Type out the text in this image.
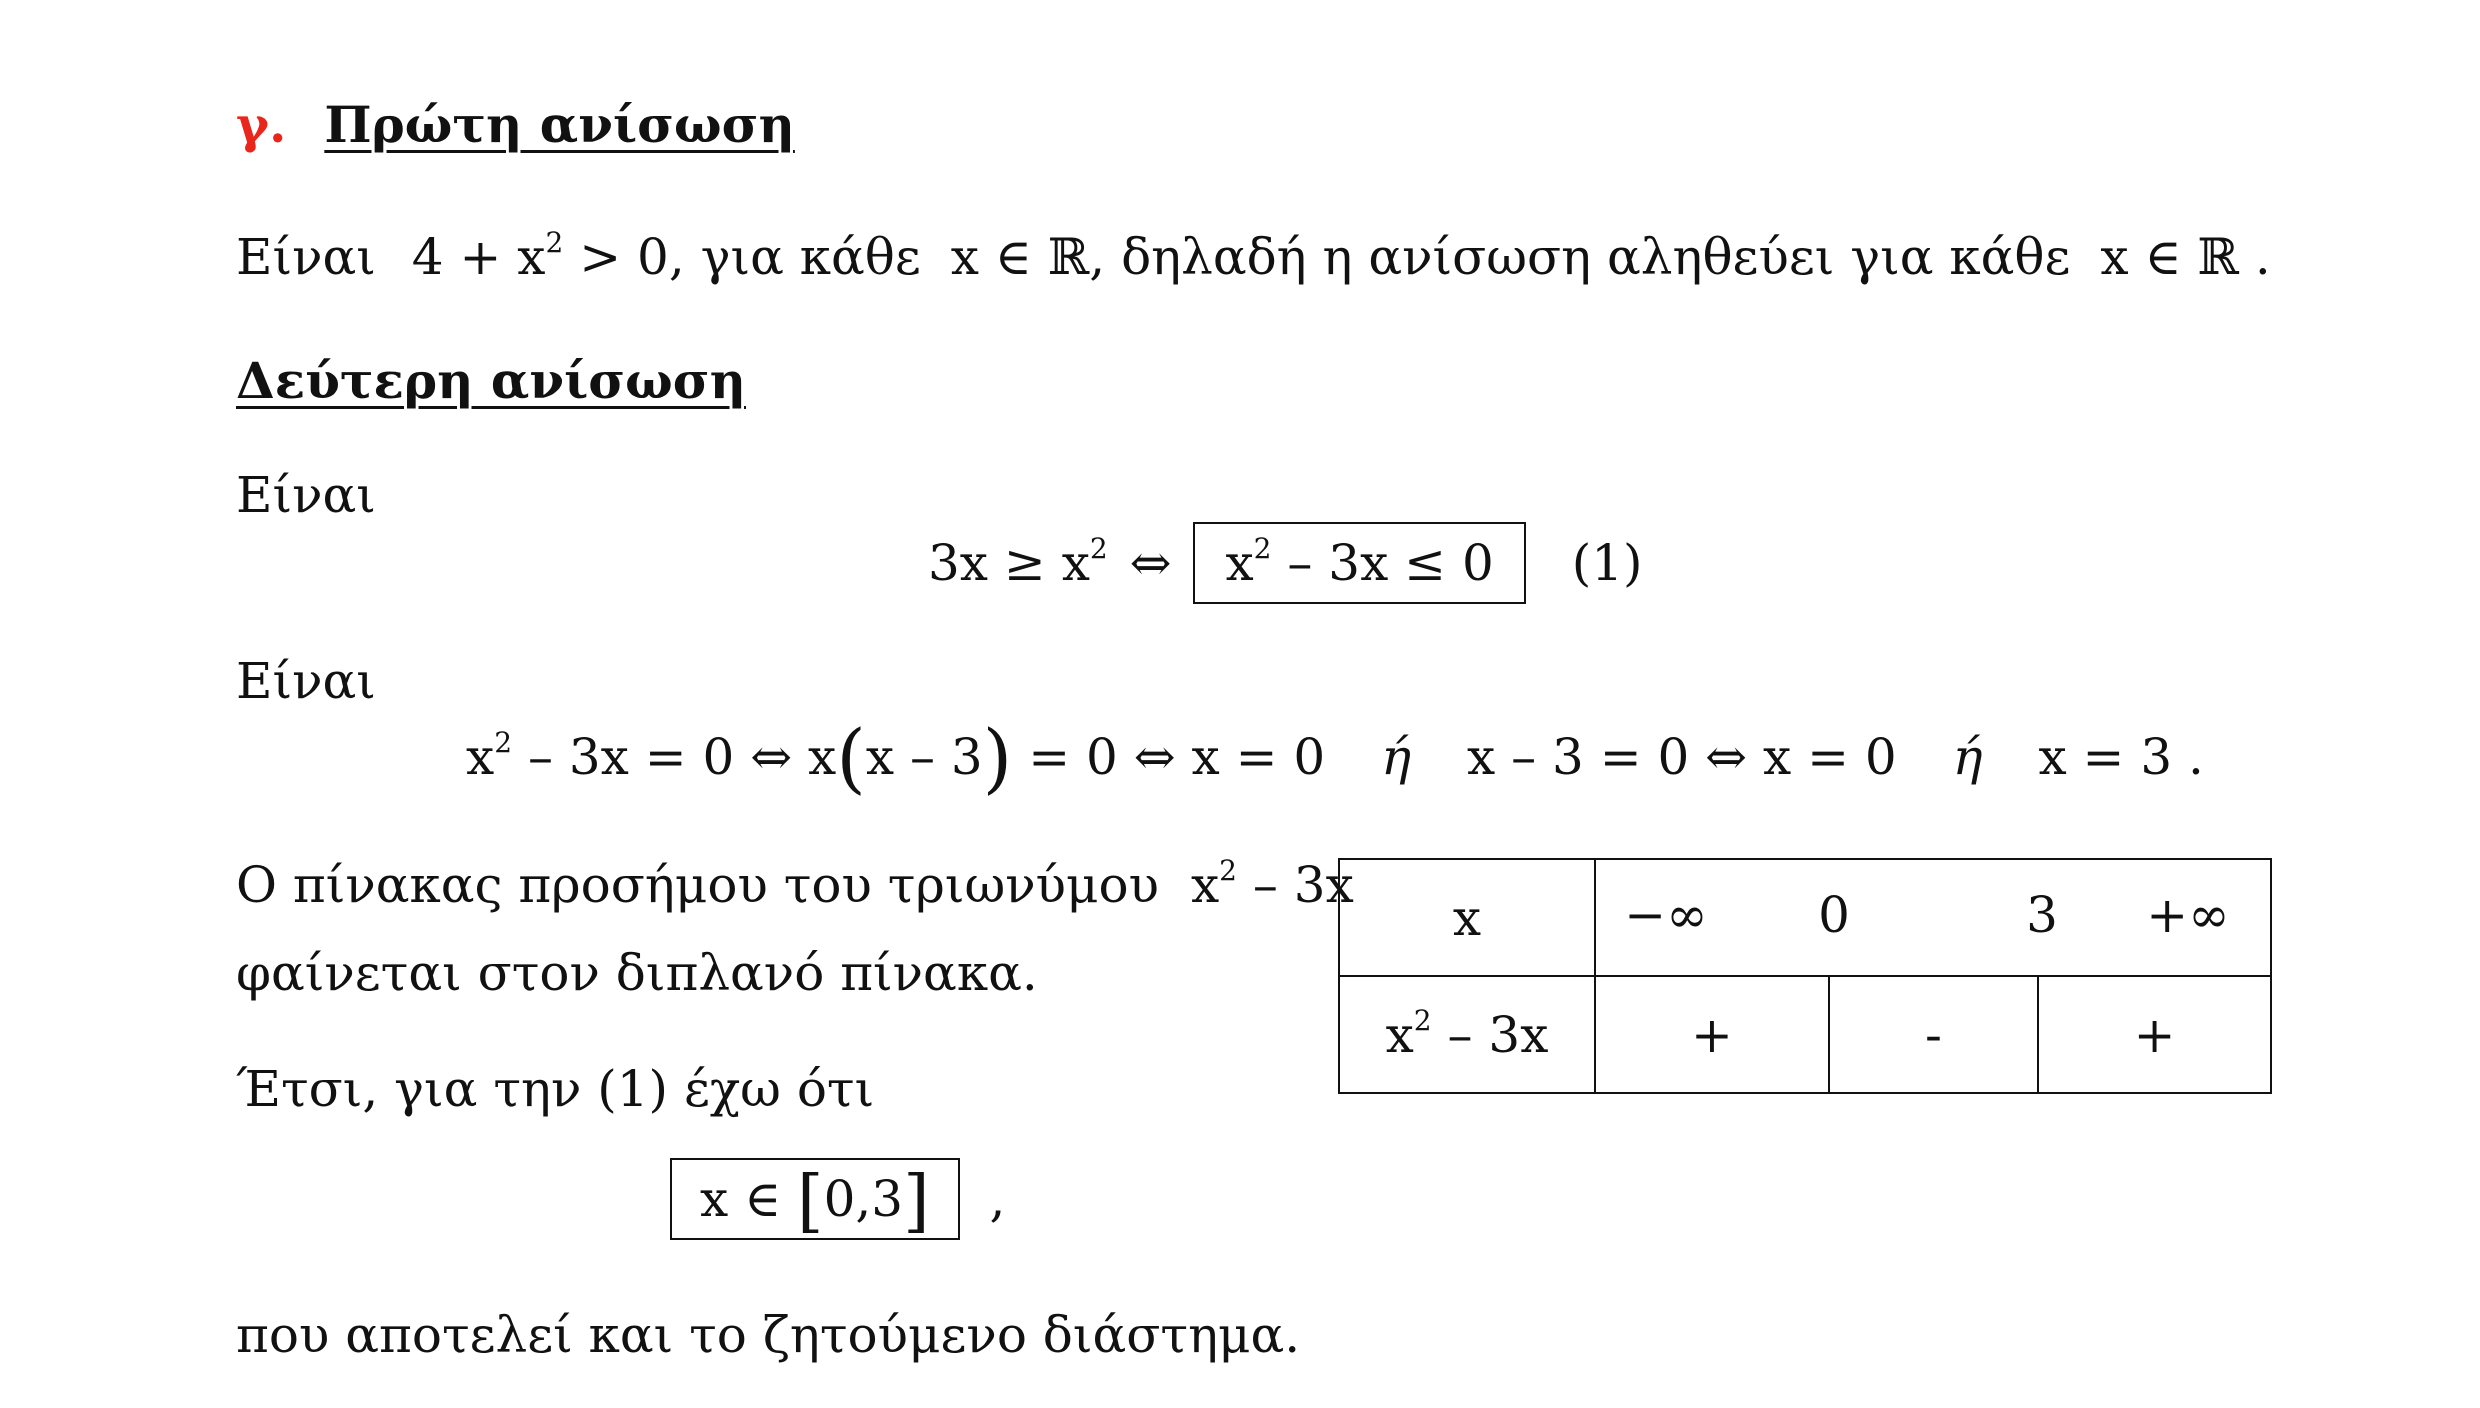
γ. Πρώτη ανίσωση
Είναι $4 + x^2 > 0$, για κάθε x ∈ ℝ, δηλαδή η ανίσωση αληθεύει για κάθε x ∈ ℝ .
Δεύτερη ανίσωση
Είναι
$3x \ge x^2$ ⇔ $x^2 - 3x \le 0$ (1)
Είναι
$x^2 - 3x = 0$ ⇔ x(x – 3) = 0 ⇔ x = 0 ή x – 3 = 0 ⇔ x = 0 ή x = 3 .
Ο πίνακας προσήμου του τριωνύμου $x^2 - 3x$
φαίνεται στον διπλανό πίνακα.
Έτσι, για την (1) έχω ότι
x ∈ [0,3] ,
που αποτελεί και το ζητούμενο διάστημα.
x	−∞ 0 3 +∞		

$x^2 - 3x$	+	-	+
